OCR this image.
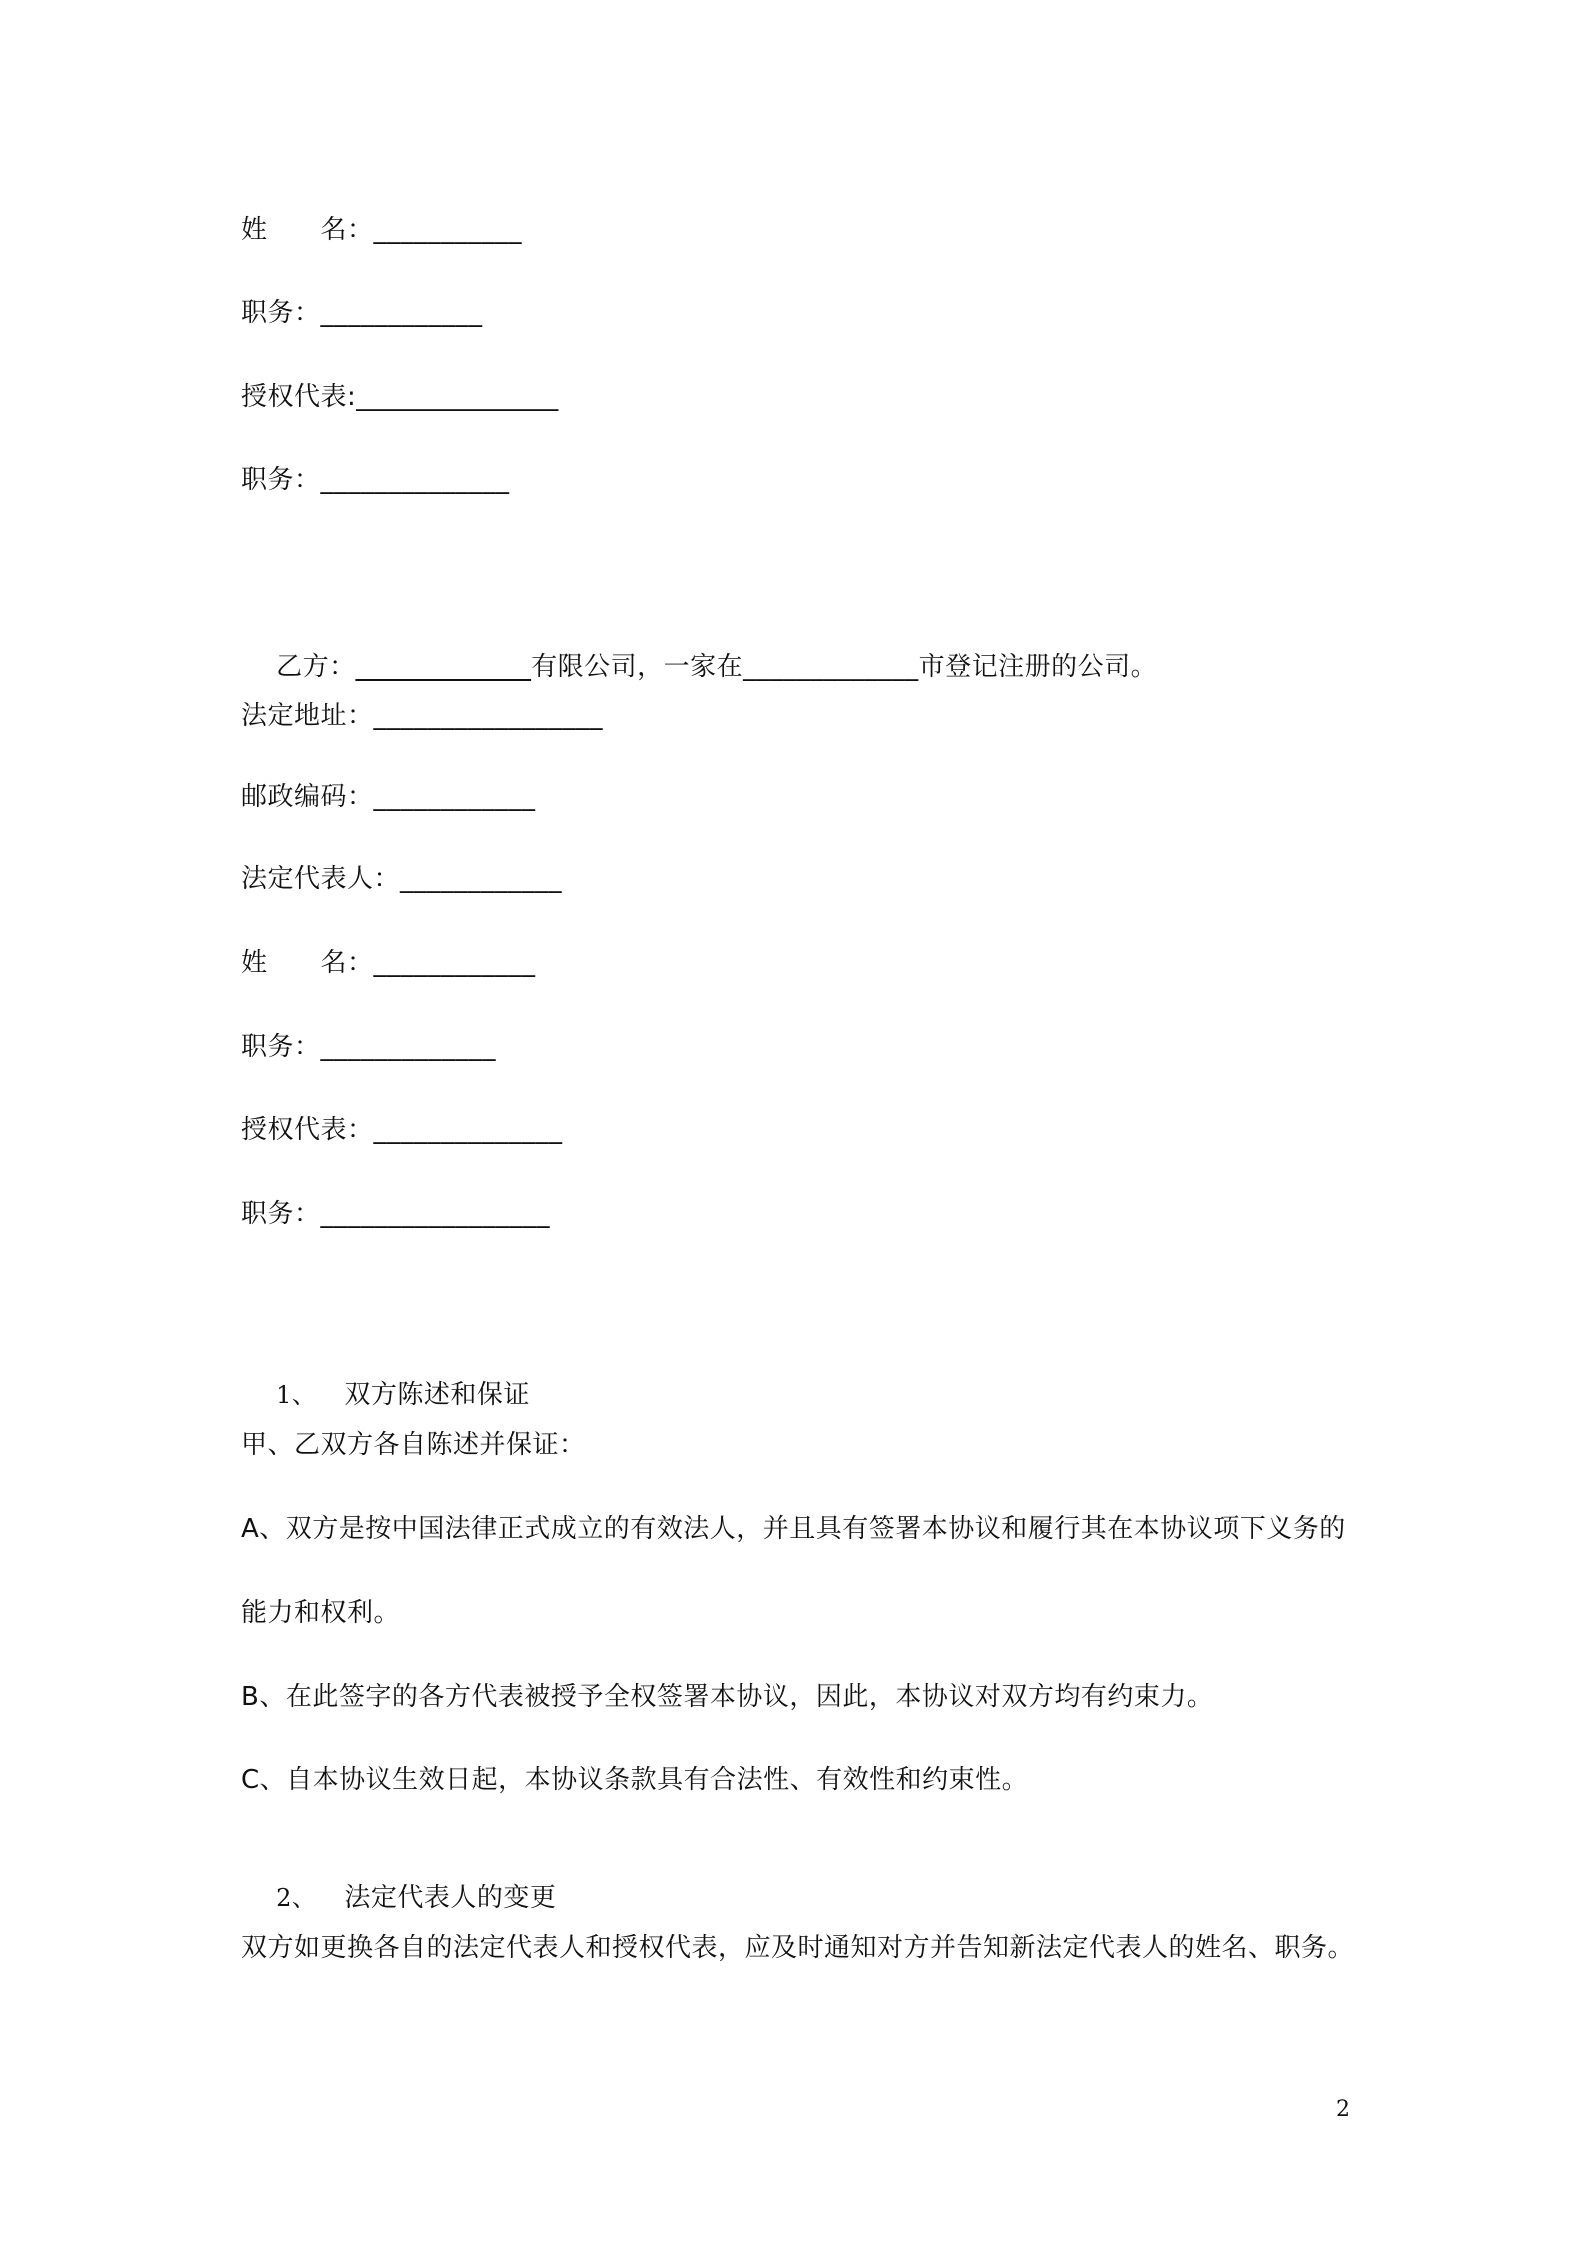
姓　　名：___________
职务：____________
授权代表:_______________
职务：______________

乙方：_____________有限公司，一家在_____________市登记注册的公司。

法定地址：_________________
邮政编码：____________
法定代表人：____________
姓　　名：____________
职务：_____________
授权代表：______________
职务：_________________

1、 双方陈述和保证

甲、乙双方各自陈述并保证：
A、双方是按中国法律正式成立的有效法人，并且具有签署本协议和履行其在本协议项下义务的
能力和权利。
B、在此签字的各方代表被授予全权签署本协议，因此，本协议对双方均有约束力。
C、自本协议生效日起，本协议条款具有合法性、有效性和约束性。

2、 法定代表人的变更

双方如更换各自的法定代表人和授权代表，应及时通知对方并告知新法定代表人的姓名、职务。
2
